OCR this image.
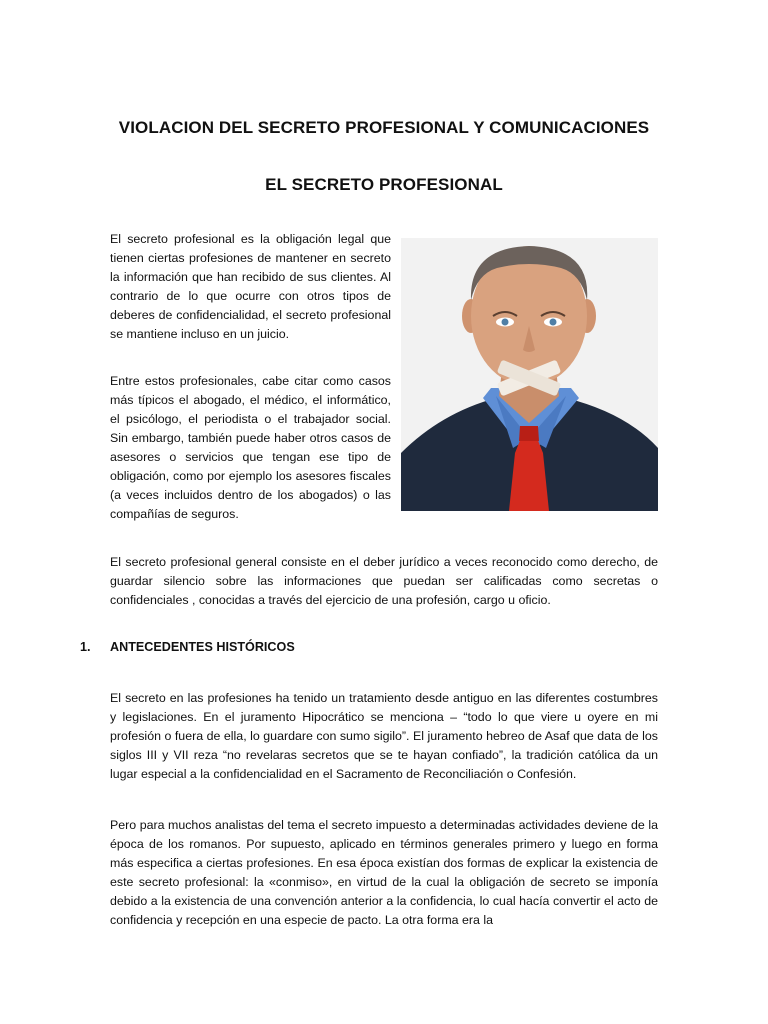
VIOLACION DEL SECRETO PROFESIONAL Y COMUNICACIONES
EL SECRETO PROFESIONAL

El secreto profesional es la obligación legal que tienen ciertas profesiones de mantener en secreto la información que han recibido de sus clientes. Al contrario de lo que ocurre con otros tipos de deberes de confidencialidad, el secreto profesional se mantiene incluso en un juicio.

Entre estos profesionales, cabe citar como casos más típicos el abogado, el médico, el informático, el psicólogo, el periodista o el trabajador social. Sin embargo, también puede haber otros casos de asesores o servicios que tengan ese tipo de obligación, como por ejemplo los asesores fiscales (a veces incluidos dentro de los abogados) o las compañías de seguros.

El secreto profesional general consiste en el deber jurídico a veces reconocido como derecho, de guardar silencio sobre las informaciones que puedan ser calificadas como secretas o confidenciales , conocidas a través del ejercicio de una profesión, cargo u oficio.

1. ANTECEDENTES HISTÓRICOS

El secreto en las profesiones ha tenido un tratamiento desde antiguo en las diferentes costumbres y legislaciones. En el juramento Hipocrático se menciona – “todo lo que viere u oyere en mi profesión o fuera de ella, lo guardare con sumo sigilo”. El juramento hebreo de Asaf que data de los siglos III y VII reza “no revelaras secretos que se te hayan confiado”, la tradición católica da un lugar especial a la confidencialidad en el Sacramento de Reconciliación o Confesión.

Pero para muchos analistas del tema el secreto impuesto a determinadas actividades deviene de la época de los romanos. Por supuesto, aplicado en términos generales primero y luego en forma más especifica a ciertas profesiones. En esa época existían dos formas de explicar la existencia de este secreto profesional: la «conmiso», en virtud de la cual la obligación de secreto se imponía debido a la existencia de una convención anterior a la confidencia, lo cual hacía convertir el acto de confidencia y recepción en una especie de pacto. La otra forma era la
